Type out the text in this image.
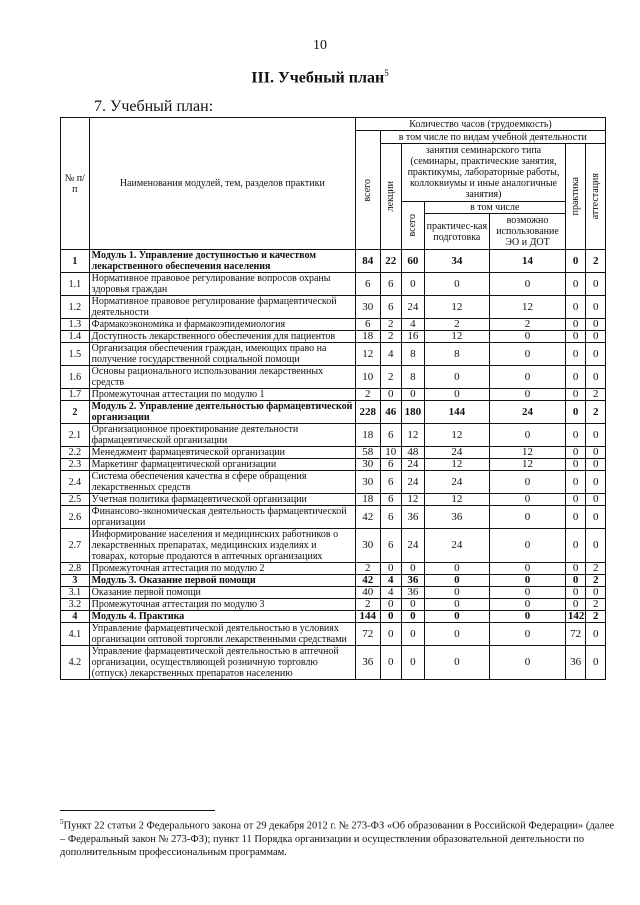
10
III. Учебный план$^5$
7. Учебный план:
№ п/п	Наименования модулей, тем, разделов практики	Количество часов (трудоемкость)						

		всего	в том числе по видам учебной деятельности					

			лекции	занятия семинарского типа (семинары, практические занятия, практикумы, лабораторные работы, коллоквиумы и иные аналогичные занятия)			практика	аттестация

				всего	в том числе			
					практичес-кая подготовка	возможно использование ЭО и ДОТ		
1	Модуль 1. Управление доступностью и качеством лекарственного обеспечения населения	84	22	60	34	14	0	2
1.1	Нормативное правовое регулирование вопросов охраны здоровья граждан	6	6	0	0	0	0	0
1.2	Нормативное правовое регулирование фармацевтической деятельности	30	6	24	12	12	0	0
1.3	Фармакоэкономика и фармакоэпидемиология	6	2	4	2	2	0	0
1.4	Доступность лекарственного обеспечения для пациентов	18	2	16	12	0	0	0
1.5	Организация обеспечения граждан, имеющих право на получение государственной социальной помощи	12	4	8	8	0	0	0
1.6	Основы рационального использования лекарственных средств	10	2	8	0	0	0	0
1.7	Промежуточная аттестация по модулю 1	2	0	0	0	0	0	2
2	Модуль 2. Управление деятельностью фармацевтической организации	228	46	180	144	24	0	2
2.1	Организационное проектирование деятельности фармацевтической организации	18	6	12	12	0	0	0
2.2	Менеджмент фармацевтической организации	58	10	48	24	12	0	0
2.3	Маркетинг фармацевтической организации	30	6	24	12	12	0	0
2.4	Система обеспечения качества в сфере обращения лекарственных средств	30	6	24	24	0	0	0
2.5	Учетная политика фармацевтической организации	18	6	12	12	0	0	0
2.6	Финансово-экономическая деятельность фармацевтической организации	42	6	36	36	0	0	0
2.7	Информирование населения и медицинских работников о лекарственных препаратах, медицинских изделиях и товарах, которые продаются в аптечных организациях	30	6	24	24	0	0	0
2.8	Промежуточная аттестация по модулю 2	2	0	0	0	0	0	2
3	Модуль 3. Оказание первой помощи	42	4	36	0	0	0	2
3.1	Оказание первой помощи	40	4	36	0	0	0	0
3.2	Промежуточная аттестация по модулю 3	2	0	0	0	0	0	2
4	Модуль 4. Практика	144	0	0	0	0	142	2
4.1	Управление фармацевтической деятельностью в условиях организации оптовой торговли лекарственными средствами	72	0	0	0	0	72	0
4.2	Управление фармацевтической деятельностью в аптечной организации, осуществляющей розничную торговлю (отпуск) лекарственных препаратов населению	36	0	0	0	0	36	0
$^5$Пункт 22 статьи 2 Федерального закона от 29 декабря 2012 г. № 273-ФЗ «Об образовании в Российской Федерации» (далее – Федеральный закон № 273-ФЗ); пункт 11 Порядка организации и осуществления образовательной деятельности по дополнительным профессиональным программам.
